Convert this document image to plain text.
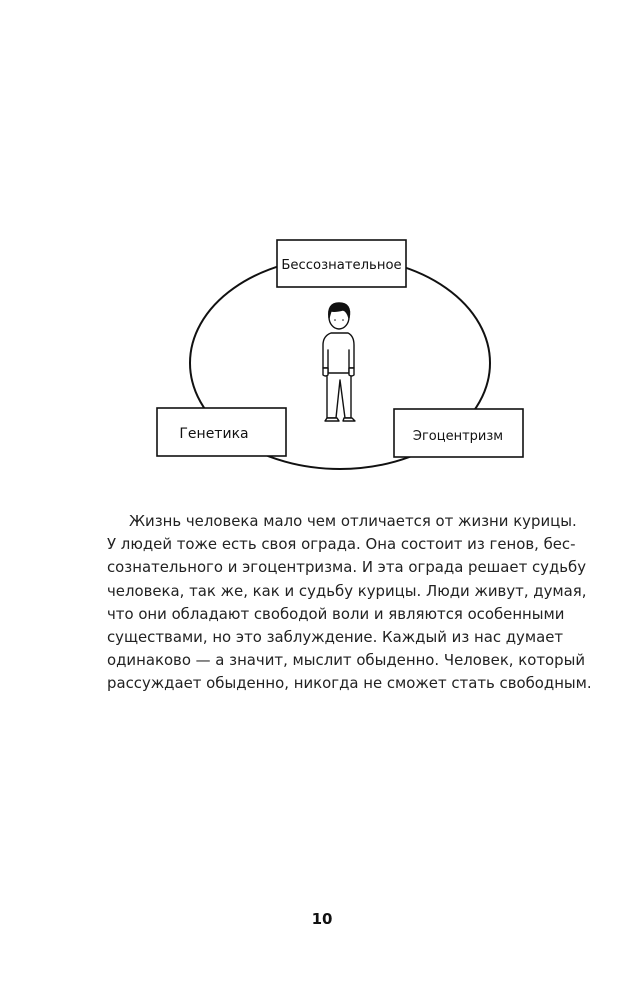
Бессознательное
Генетика	Эгоцентризм

Жизнь человека мало чем отличается от жизни курицы.
У людей тоже есть своя ограда. Она состоит из генов, бес-
сознательного и эгоцентризма. И эта ограда решает судьбу
человека, так же, как и судьбу курицы. Люди живут, думая,
что они обладают свободой воли и являются особенными
существами, но это заблуждение. Каждый из нас думает
одинаково — а значит, мыслит обыденно. Человек, который
рассуждает обыденно, никогда не сможет стать свободным.

10
